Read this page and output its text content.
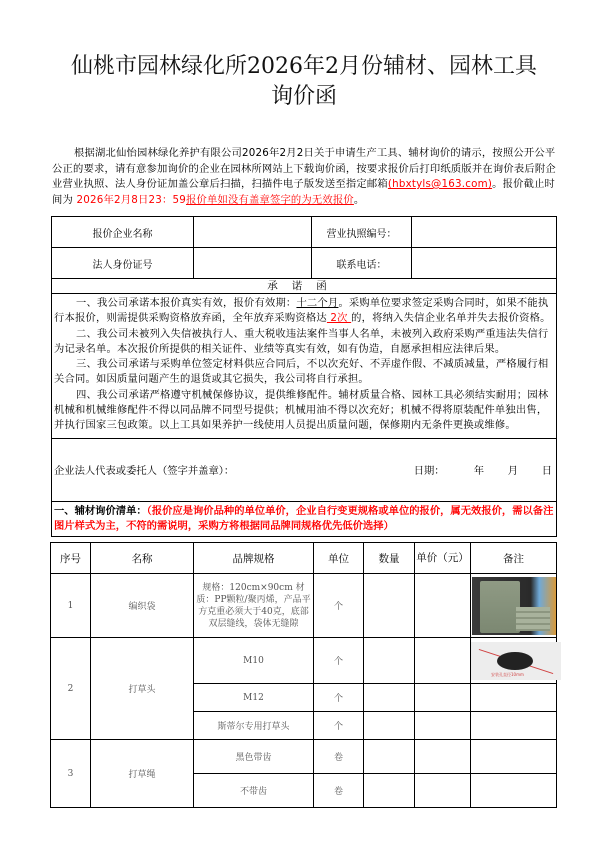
仙桃市园林绿化所2026年2月份辅材、园林工具
询价函
根据湖北仙怡园林绿化养护有限公司2026年2月2日关于申请生产工具、辅材询价的请示，按照公开公平公正的要求，请有意参加询价的企业在园林所网站上下载询价函，按要求报价后打印纸质版并在询价表后附企业营业执照、法人身份证加盖公章后扫描，扫描件电子版发送至指定邮箱(hbxtyls@163.com)。报价截止时间为 2026年2月8日23：59报价单如没有盖章签字的为无效报价。
报价企业名称		营业执照编号：	
法人身份证号		联系电话：	
承诺函			

一、我公司承诺本报价真实有效，报价有效期：十二个月。采购单位要求签定采购合同时，如果不能执行本报价，则需提供采购资格放弃函，全年放弃采购资格达 2次 的，将纳入失信企业名单并失去报价资格。

二、我公司未被列入失信被执行人、重大税收违法案件当事人名单，未被列入政府采购严重违法失信行为记录名单。本次报价所提供的相关证件、业绩等真实有效，如有伪造，自愿承担相应法律后果。

三、我公司承诺与采购单位签定材料供应合同后，不以次充好、不弄虚作假、不减质减量，严格履行相关合同。如因质量问题产生的退货或其它损失，我公司将自行承担。

四、我公司承诺严格遵守机械保修协议，提供维修配件。辅材质量合格、园林工具必须结实耐用；园林机械和机械维修配件不得以同品牌不同型号提供；机械用油不得以次充好；机械不得将原装配件单独出售，并执行国家三包政策。以上工具如果养护一线使用人员提出质量问题，保修期内无条件更换或维修。			

企业法人代表或委托人（签字并盖章）： 日期： 年 月 日			

一、辅材询价清单：（报价应是询价品种的单位单价，企业自行变更规格或单位的报价，属无效报价，需以备注图片样式为主，不符的需说明，采购方将根据同品牌同规格优先低价选择）			
序号	名称	品牌规格	单位	数量	单价（元）	备注
1	编织袋	规格：120cm×90cm 材质：PP颗粒/聚丙烯，产品平方克重必须大于40克，底部双层缝线，袋体无缝隙	个			

2	打草头	M10	个			安装孔直径10mm

		M12	个			
		斯蒂尔专用打草头	个			
3	打草绳	黑色带齿	卷			
		不带齿	卷			
